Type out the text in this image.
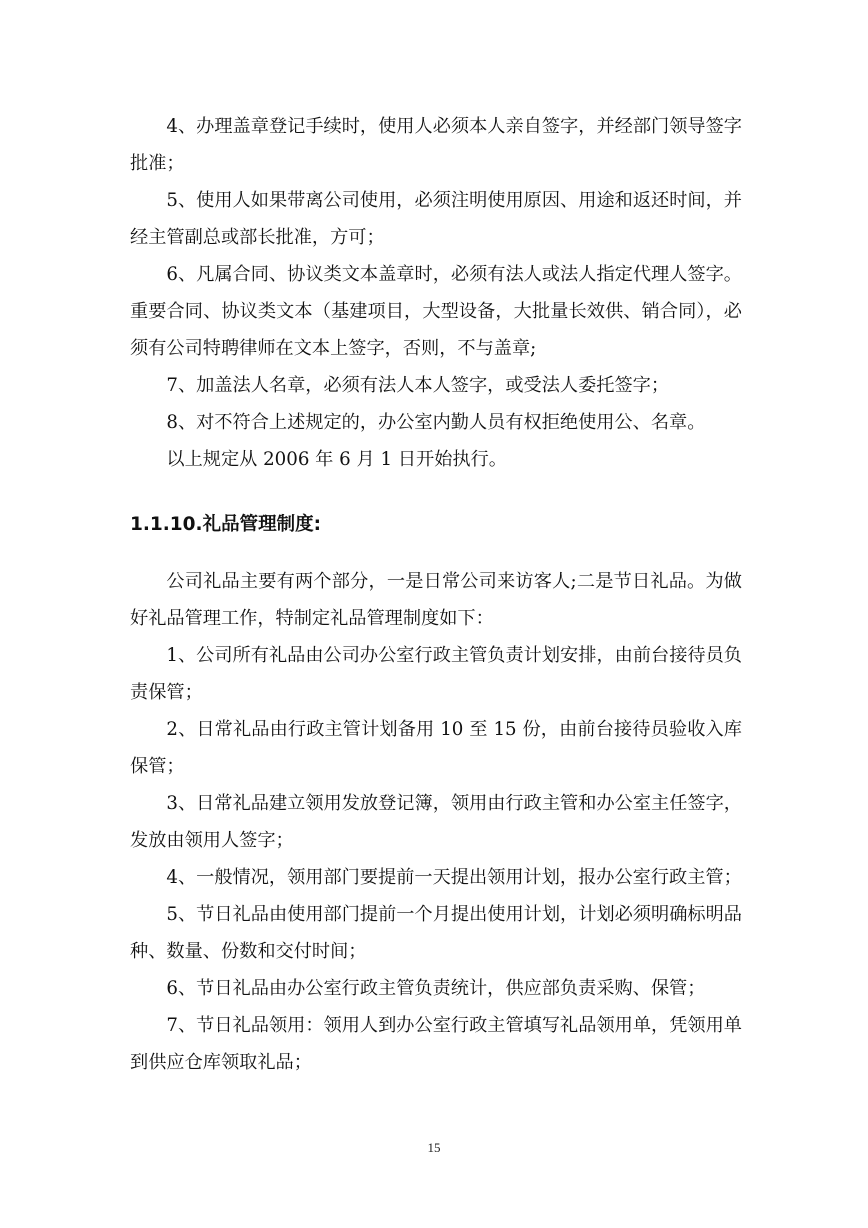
4、办理盖章登记手续时，使用人必须本人亲自签字，并经部门领导签字批准；

5、使用人如果带离公司使用，必须注明使用原因、用途和返还时间，并经主管副总或部长批准，方可；

6、凡属合同、协议类文本盖章时，必须有法人或法人指定代理人签字。重要合同、协议类文本（基建项目，大型设备，大批量长效供、销合同），必须有公司特聘律师在文本上签字，否则，不与盖章;

7、加盖法人名章，必须有法人本人签字，或受法人委托签字；

8、对不符合上述规定的，办公室内勤人员有权拒绝使用公、名章。

以上规定从 2006 年 6 月 1 日开始执行。

1.1.10.礼品管理制度:

公司礼品主要有两个部分，一是日常公司来访客人;二是节日礼品。为做好礼品管理工作，特制定礼品管理制度如下：

1、公司所有礼品由公司办公室行政主管负责计划安排，由前台接待员负责保管；

2、日常礼品由行政主管计划备用 10 至 15 份，由前台接待员验收入库保管；

3、日常礼品建立领用发放登记簿，领用由行政主管和办公室主任签字，发放由领用人签字；

4、一般情况，领用部门要提前一天提出领用计划，报办公室行政主管；

5、节日礼品由使用部门提前一个月提出使用计划，计划必须明确标明品种、数量、份数和交付时间；

6、节日礼品由办公室行政主管负责统计，供应部负责采购、保管；

7、节日礼品领用：领用人到办公室行政主管填写礼品领用单，凭领用单到供应仓库领取礼品；

15
